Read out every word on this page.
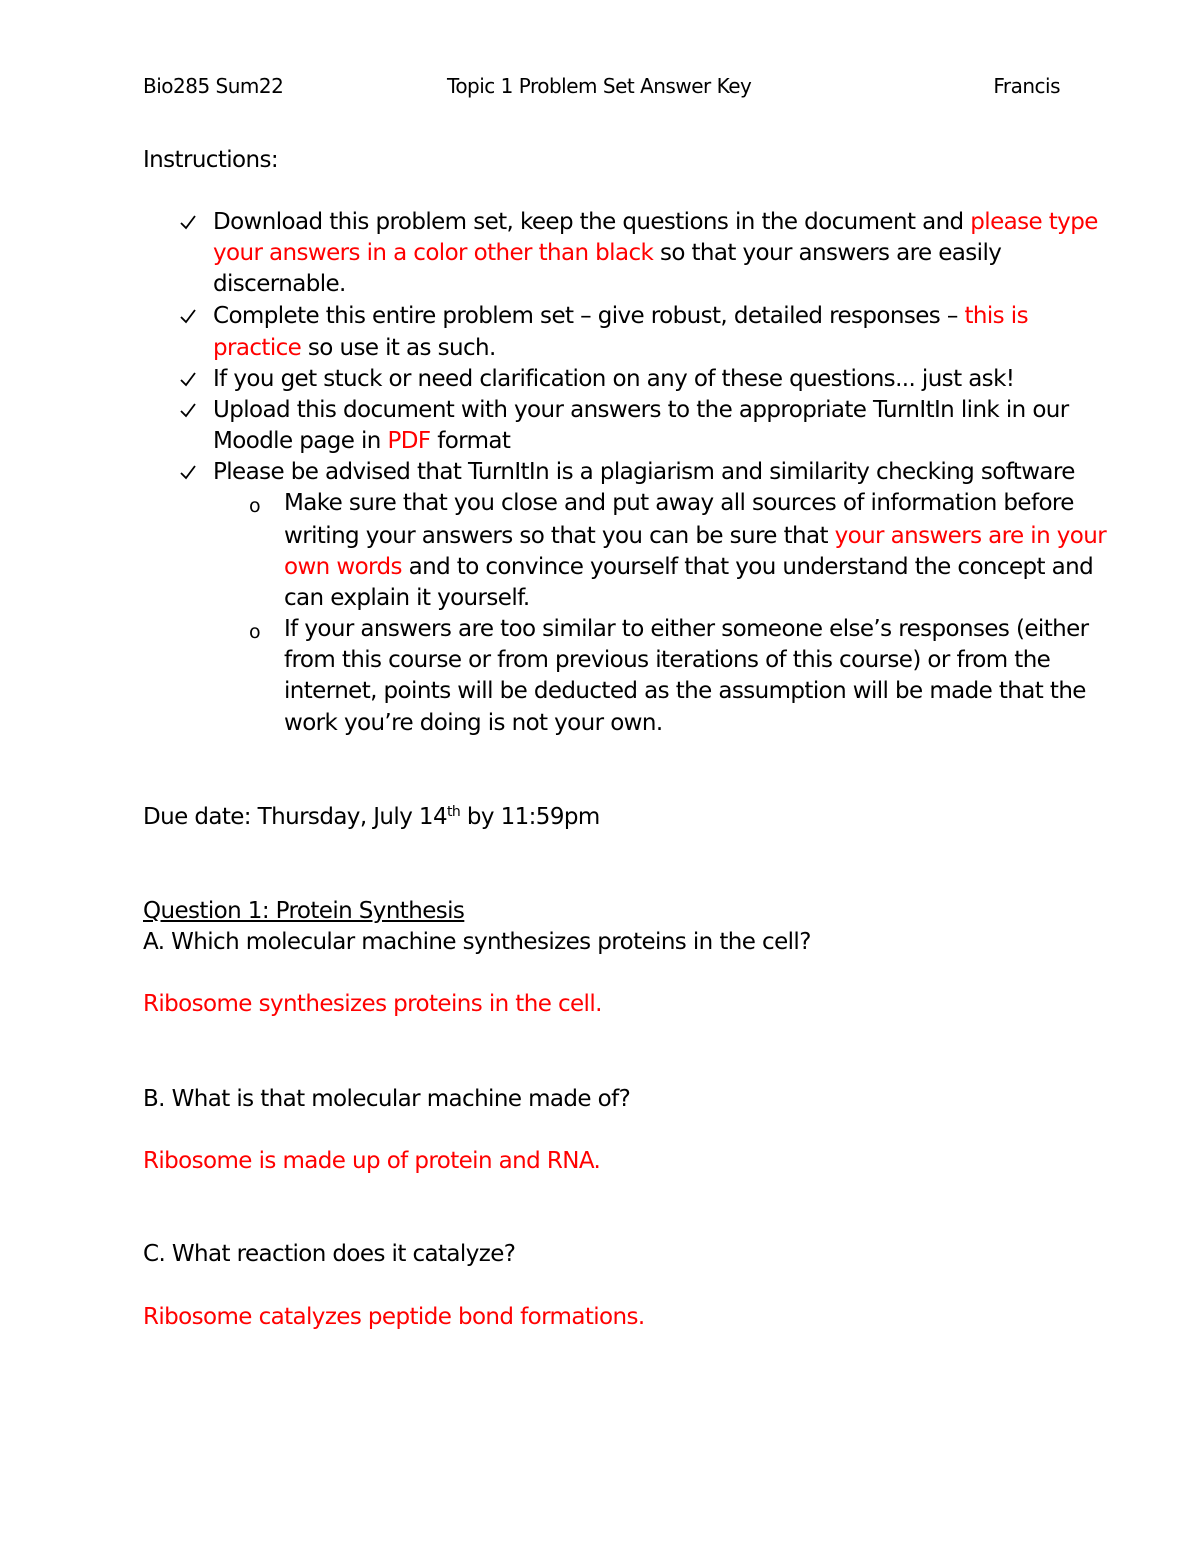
Bio285 Sum22	Topic 1 Problem Set Answer Key	Francis
Instructions:
Download this problem set, keep the questions in the document and please type
your answers in a color other than black so that your answers are easily
discernable.
Complete this entire problem set – give robust, detailed responses – this is
practice so use it as such.
If you get stuck or need clarification on any of these questions... just ask!
Upload this document with your answers to the appropriate TurnItIn link in our
Moodle page in PDF format
Please be advised that TurnItIn is a plagiarism and similarity checking software
o Make sure that you close and put away all sources of information before
writing your answers so that you can be sure that your answers are in your
own words and to convince yourself that you understand the concept and
can explain it yourself.
o If your answers are too similar to either someone else’s responses (either
from this course or from previous iterations of this course) or from the
internet, points will be deducted as the assumption will be made that the
work you’re doing is not your own.
Due date: Thursday, July 14th by 11:59pm
Question 1: Protein Synthesis
A. Which molecular machine synthesizes proteins in the cell?
Ribosome synthesizes proteins in the cell.
B. What is that molecular machine made of?
Ribosome is made up of protein and RNA.
C. What reaction does it catalyze?
Ribosome catalyzes peptide bond formations.
